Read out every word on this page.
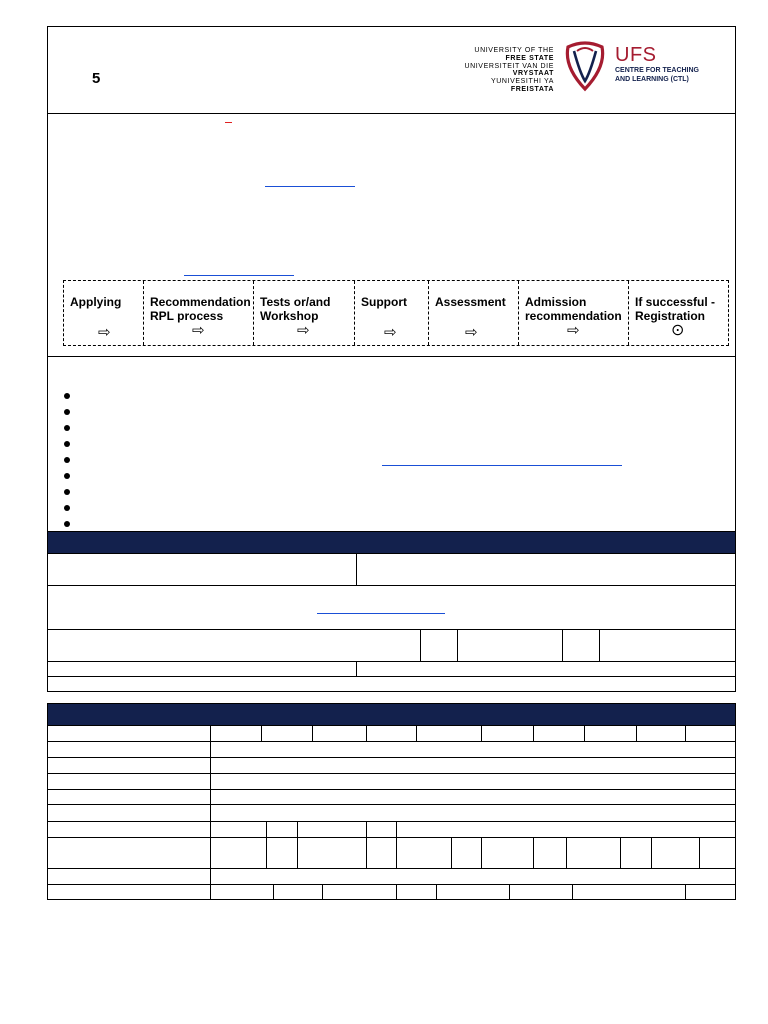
5
UNIVERSITY OF THE
FREE STATE
UNIVERSITEIT VAN DIE
VRYSTAAT
YUNIVESITHI YA
FREISTATA
UFS
CENTRE FOR TEACHING
AND LEARNING (CTL)
Applying
⇨
Recommendation
RPL process
⇨
Tests or/and
Workshop
⇨
Support
⇨
Assessment
⇨
Admission
recommendation
⇨
If successful -
Registration
⊙
